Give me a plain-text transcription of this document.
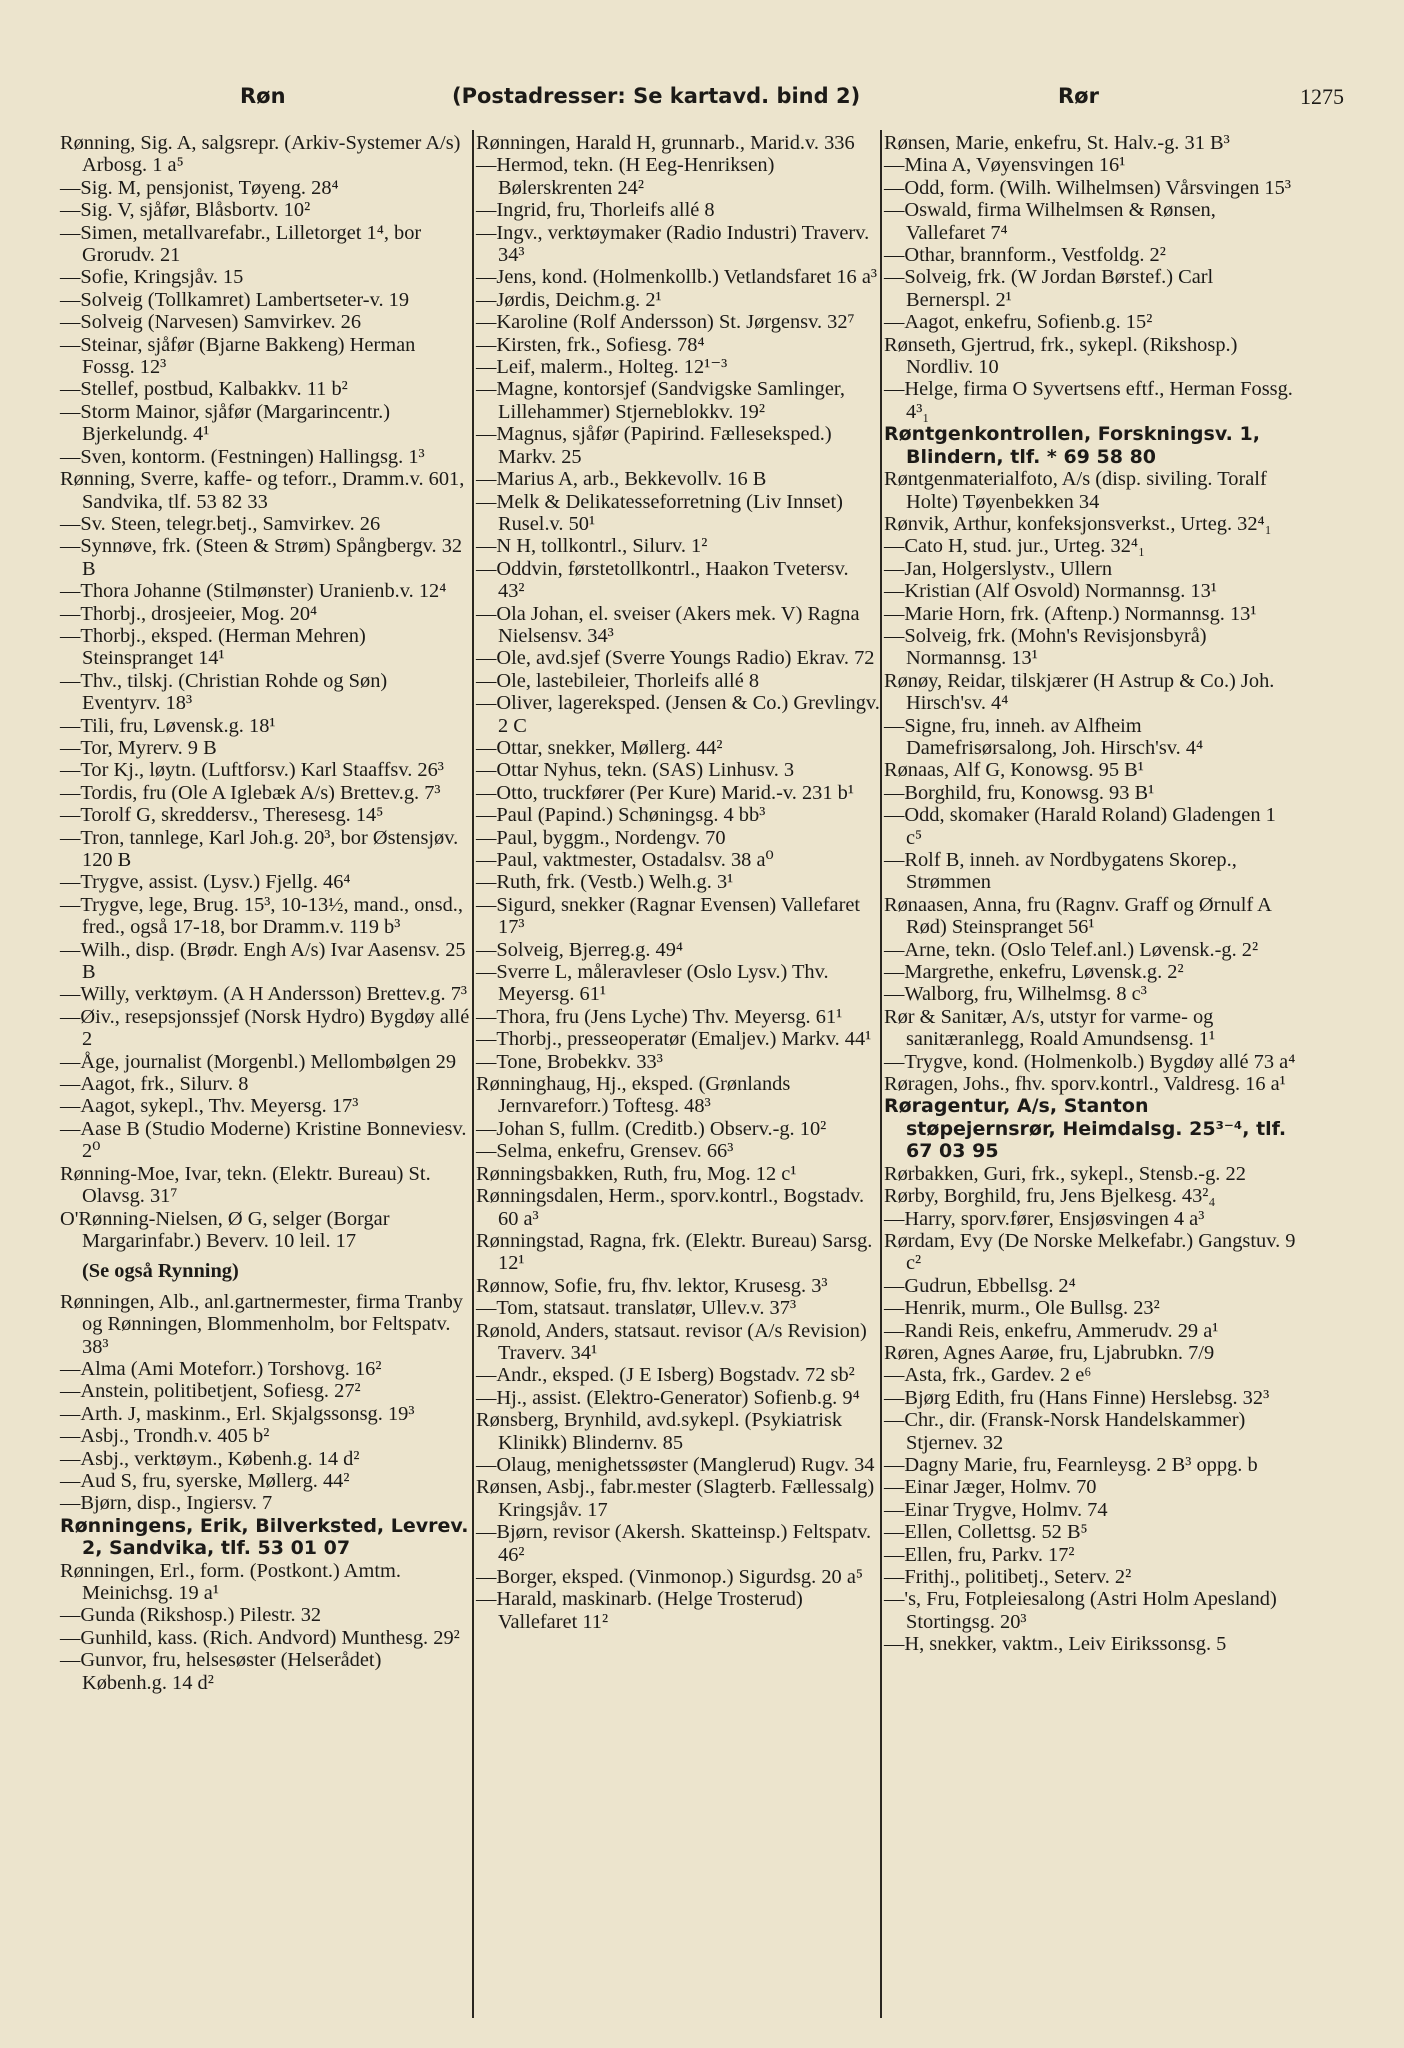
Røn	(Postadresser: Se kartavd. bind 2)	Rør	1275
Rønning, Sig. A, salgsrepr. (Arkiv-Systemer A/s) Arbosg. 1 a⁵
—Sig. M, pensjonist, Tøyeng. 28⁴
—Sig. V, sjåfør, Blåsbortv. 10²
—Simen, metallvarefabr., Lilletorget 1⁴, bor Grorudv. 21
—Sofie, Kringsjåv. 15
—Solveig (Tollkamret) Lambertseter-v. 19
—Solveig (Narvesen) Samvirkev. 26
—Steinar, sjåfør (Bjarne Bakkeng) Herman Fossg. 12³
—Stellef, postbud, Kalbakkv. 11 b²
—Storm Mainor, sjåfør (Margarincentr.) Bjerkelundg. 4¹
—Sven, kontorm. (Festningen) Hallingsg. 1³
Rønning, Sverre, kaffe- og teforr., Dramm.v. 601, Sandvika, tlf. 53 82 33
—Sv. Steen, telegr.betj., Samvirkev. 26
—Synnøve, frk. (Steen & Strøm) Spångbergv. 32 B
—Thora Johanne (Stilmønster) Uranienb.v. 12⁴
—Thorbj., drosjeeier, Mog. 20⁴
—Thorbj., eksped. (Herman Mehren) Steinspranget 14¹
—Thv., tilskj. (Christian Rohde og Søn) Eventyrv. 18³
—Tili, fru, Løvensk.g. 18¹
—Tor, Myrerv. 9 B
—Tor Kj., løytn. (Luftforsv.) Karl Staaffsv. 26³
—Tordis, fru (Ole A Iglebæk A/s) Brettev.g. 7³
—Torolf G, skreddersv., Theresesg. 14⁵
—Tron, tannlege, Karl Joh.g. 20³, bor Østensjøv. 120 B
—Trygve, assist. (Lysv.) Fjellg. 46⁴
—Trygve, lege, Brug. 15³, 10-13½, mand., onsd., fred., også 17-18, bor Dramm.v. 119 b³
—Wilh., disp. (Brødr. Engh A/s) Ivar Aasensv. 25 B
—Willy, verktøym. (A H Andersson) Brettev.g. 7³
—Øiv., resepsjonssjef (Norsk Hydro) Bygdøy allé 2
—Åge, journalist (Morgenbl.) Mellombølgen 29
—Aagot, frk., Silurv. 8
—Aagot, sykepl., Thv. Meyersg. 17³
—Aase B (Studio Moderne) Kristine Bonneviesv. 2⁰
Rønning-Moe, Ivar, tekn. (Elektr. Bureau) St. Olavsg. 31⁷
O'Rønning-Nielsen, Ø G, selger (Borgar Margarinfabr.) Beverv. 10 leil. 17
(Se også Rynning)
Rønningen, Alb., anl.gartnermester, firma Tranby og Rønningen, Blommenholm, bor Feltspatv. 38³
—Alma (Ami Moteforr.) Torshovg. 16²
—Anstein, politibetjent, Sofiesg. 27²
—Arth. J, maskinm., Erl. Skjalgssonsg. 19³
—Asbj., Trondh.v. 405 b²
—Asbj., verktøym., Københ.g. 14 d²
—Aud S, fru, syerske, Møllerg. 44²
—Bjørn, disp., Ingiersv. 7
Rønningens, Erik, Bilverksted, Levrev. 2, Sandvika, tlf. 53 01 07
Rønningen, Erl., form. (Postkont.) Amtm. Meinichsg. 19 a¹
—Gunda (Rikshosp.) Pilestr. 32
—Gunhild, kass. (Rich. Andvord) Munthesg. 29²
—Gunvor, fru, helsesøster (Helserådet) Københ.g. 14 d²
Rønningen, Harald H, grunnarb., Marid.v. 336
—Hermod, tekn. (H Eeg-Henriksen) Bølerskrenten 24²
—Ingrid, fru, Thorleifs allé 8
—Ingv., verktøymaker (Radio Industri) Traverv. 34³
—Jens, kond. (Holmenkollb.) Vetlandsfaret 16 a³
—Jørdis, Deichm.g. 2¹
—Karoline (Rolf Andersson) St. Jørgensv. 32⁷
—Kirsten, frk., Sofiesg. 78⁴
—Leif, malerm., Holteg. 12¹⁻³
—Magne, kontorsjef (Sandvigske Samlinger, Lillehammer) Stjerneblokkv. 19²
—Magnus, sjåfør (Papirind. Fælleseksped.) Markv. 25
—Marius A, arb., Bekkevollv. 16 B
—Melk & Delikatesseforretning (Liv Innset) Rusel.v. 50¹
—N H, tollkontrl., Silurv. 1²
—Oddvin, førstetollkontrl., Haakon Tvetersv. 43²
—Ola Johan, el. sveiser (Akers mek. V) Ragna Nielsensv. 34³
—Ole, avd.sjef (Sverre Youngs Radio) Ekrav. 72
—Ole, lastebileier, Thorleifs allé 8
—Oliver, lagereksped. (Jensen & Co.) Grevlingv. 2 C
—Ottar, snekker, Møllerg. 44²
—Ottar Nyhus, tekn. (SAS) Linhusv. 3
—Otto, truckfører (Per Kure) Marid.-v. 231 b¹
—Paul (Papind.) Schøningsg. 4 bb³
—Paul, byggm., Nordengv. 70
—Paul, vaktmester, Ostadalsv. 38 a⁰
—Ruth, frk. (Vestb.) Welh.g. 3¹
—Sigurd, snekker (Ragnar Evensen) Vallefaret 17³
—Solveig, Bjerreg.g. 49⁴
—Sverre L, måleravleser (Oslo Lysv.) Thv. Meyersg. 61¹
—Thora, fru (Jens Lyche) Thv. Meyersg. 61¹
—Thorbj., presseoperatør (Emaljev.) Markv. 44¹
—Tone, Brobekkv. 33³
Rønninghaug, Hj., eksped. (Grønlands Jernvareforr.) Toftesg. 48³
—Johan S, fullm. (Creditb.) Observ.-g. 10²
—Selma, enkefru, Grensev. 66³
Rønningsbakken, Ruth, fru, Mog. 12 c¹
Rønningsdalen, Herm., sporv.kontrl., Bogstadv. 60 a³
Rønningstad, Ragna, frk. (Elektr. Bureau) Sarsg. 12¹
Rønnow, Sofie, fru, fhv. lektor, Krusesg. 3³
—Tom, statsaut. translatør, Ullev.v. 37³
Rønold, Anders, statsaut. revisor (A/s Revision) Traverv. 34¹
—Andr., eksped. (J E Isberg) Bogstadv. 72 sb²
—Hj., assist. (Elektro-Generator) Sofienb.g. 9⁴
Rønsberg, Brynhild, avd.sykepl. (Psykiatrisk Klinikk) Blindernv. 85
—Olaug, menighetssøster (Manglerud) Rugv. 34
Rønsen, Asbj., fabr.mester (Slagterb. Fællessalg) Kringsjåv. 17
—Bjørn, revisor (Akersh. Skatteinsp.) Feltspatv. 46²
—Borger, eksped. (Vinmonop.) Sigurdsg. 20 a⁵
—Harald, maskinarb. (Helge Trosterud) Vallefaret 11²
Rønsen, Marie, enkefru, St. Halv.-g. 31 B³
—Mina A, Vøyensvingen 16¹
—Odd, form. (Wilh. Wilhelmsen) Vårsvingen 15³
—Oswald, firma Wilhelmsen & Rønsen, Vallefaret 7⁴
—Othar, brannform., Vestfoldg. 2²
—Solveig, frk. (W Jordan Børstef.) Carl Bernerspl. 2¹
—Aagot, enkefru, Sofienb.g. 15²
Rønseth, Gjertrud, frk., sykepl. (Rikshosp.) Nordliv. 10
—Helge, firma O Syvertsens eftf., Herman Fossg. 4³₁
Røntgenkontrollen, Forskningsv. 1, Blindern, tlf. * 69 58 80
Røntgenmaterialfoto, A/s (disp. siviling. Toralf Holte) Tøyenbekken 34
Rønvik, Arthur, konfeksjonsverkst., Urteg. 32⁴₁
—Cato H, stud. jur., Urteg. 32⁴₁
—Jan, Holgerslystv., Ullern
—Kristian (Alf Osvold) Normannsg. 13¹
—Marie Horn, frk. (Aftenp.) Normannsg. 13¹
—Solveig, frk. (Mohn's Revisjonsbyrå) Normannsg. 13¹
Rønøy, Reidar, tilskjærer (H Astrup & Co.) Joh. Hirsch'sv. 4⁴
—Signe, fru, inneh. av Alfheim Damefrisørsalong, Joh. Hirsch'sv. 4⁴
Rønaas, Alf G, Konowsg. 95 B¹
—Borghild, fru, Konowsg. 93 B¹
—Odd, skomaker (Harald Roland) Gladengen 1 c⁵
—Rolf B, inneh. av Nordbygatens Skorep., Strømmen
Rønaasen, Anna, fru (Ragnv. Graff og Ørnulf A Rød) Steinspranget 56¹
—Arne, tekn. (Oslo Telef.anl.) Løvensk.-g. 2²
—Margrethe, enkefru, Løvensk.g. 2²
—Walborg, fru, Wilhelmsg. 8 c³
Rør & Sanitær, A/s, utstyr for varme- og sanitæranlegg, Roald Amundsensg. 1¹
—Trygve, kond. (Holmenkolb.) Bygdøy allé 73 a⁴
Røragen, Johs., fhv. sporv.kontrl., Valdresg. 16 a¹
Røragentur, A/s, Stanton støpejernsrør, Heimdalsg. 25³⁻⁴, tlf. 67 03 95
Rørbakken, Guri, frk., sykepl., Stensb.-g. 22
Rørby, Borghild, fru, Jens Bjelkesg. 43²₄
—Harry, sporv.fører, Ensjøsvingen 4 a³
Rørdam, Evy (De Norske Melkefabr.) Gangstuv. 9 c²
—Gudrun, Ebbellsg. 2⁴
—Henrik, murm., Ole Bullsg. 23²
—Randi Reis, enkefru, Ammerudv. 29 a¹
Røren, Agnes Aarøe, fru, Ljabrubkn. 7/9
—Asta, frk., Gardev. 2 e⁶
—Bjørg Edith, fru (Hans Finne) Herslebsg. 32³
—Chr., dir. (Fransk-Norsk Handelskammer) Stjernev. 32
—Dagny Marie, fru, Fearnleysg. 2 B³ oppg. b
—Einar Jæger, Holmv. 70
—Einar Trygve, Holmv. 74
—Ellen, Collettsg. 52 B⁵
—Ellen, fru, Parkv. 17²
—Frithj., politibetj., Seterv. 2²
—'s, Fru, Fotpleiesalong (Astri Holm Apesland) Stortingsg. 20³
—H, snekker, vaktm., Leiv Eirikssonsg. 5
